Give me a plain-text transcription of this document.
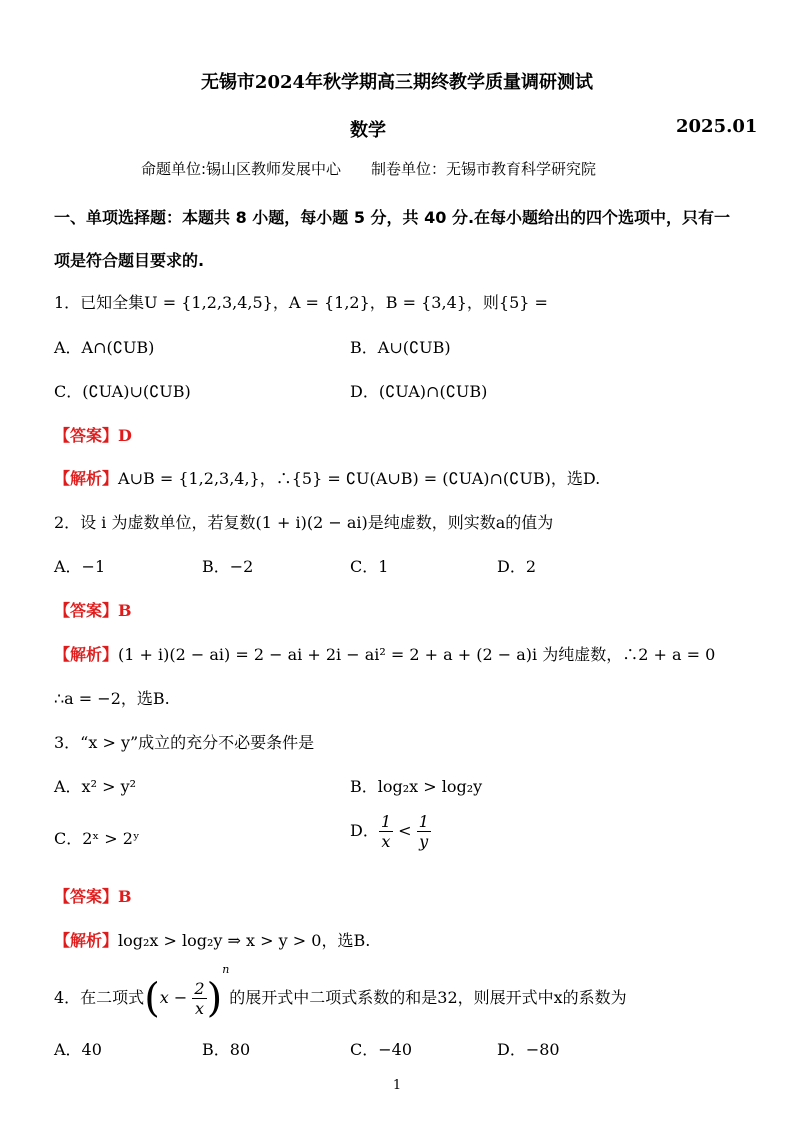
无锡市2024年秋学期高三期终教学质量调研测试
数学	2025.01
命题单位:锡山区教师发展中心　　制卷单位：无锡市教育科学研究院
一、单项选择题：本题共 8 小题，每小题 5 分，共 40 分.在每小题给出的四个选项中，只有一
项是符合题目要求的.
1．已知全集U = {1,2,3,4,5}，A = {1,2}，B = {3,4}，则{5} =
A．A∩(∁UB)	B．A∪(∁UB)
C．(∁UA)∪(∁UB)	D．(∁UA)∩(∁UB)
【答案】D
【解析】A∪B = {1,2,3,4,}，∴{5} = ∁U(A∪B) = (∁UA)∩(∁UB)，选D.
2．设 i 为虚数单位，若复数(1 + i)(2 − ai)是纯虚数，则实数a的值为
A．−1	B．−2	C．1	D．2
【答案】B
【解析】(1 + i)(2 − ai) = 2 − ai + 2i − ai² = 2 + a + (2 − a)i 为纯虚数，∴2 + a = 0
∴a = −2，选B.
3．“x > y”成立的充分不必要条件是
A．x² > y²	B．log₂x > log₂y
C．2ˣ > 2ʸ	D． $\frac{1}{x} < \frac{1}{y}$
【答案】B
【解析】log₂x > log₂y ⇒ x > y > 0，选B.
4．在二项式$(x - \frac{2}{x} )^n$的展开式中二项式系数的和是32，则展开式中x的系数为
A．40	B．80	C．−40	D．−80
1
